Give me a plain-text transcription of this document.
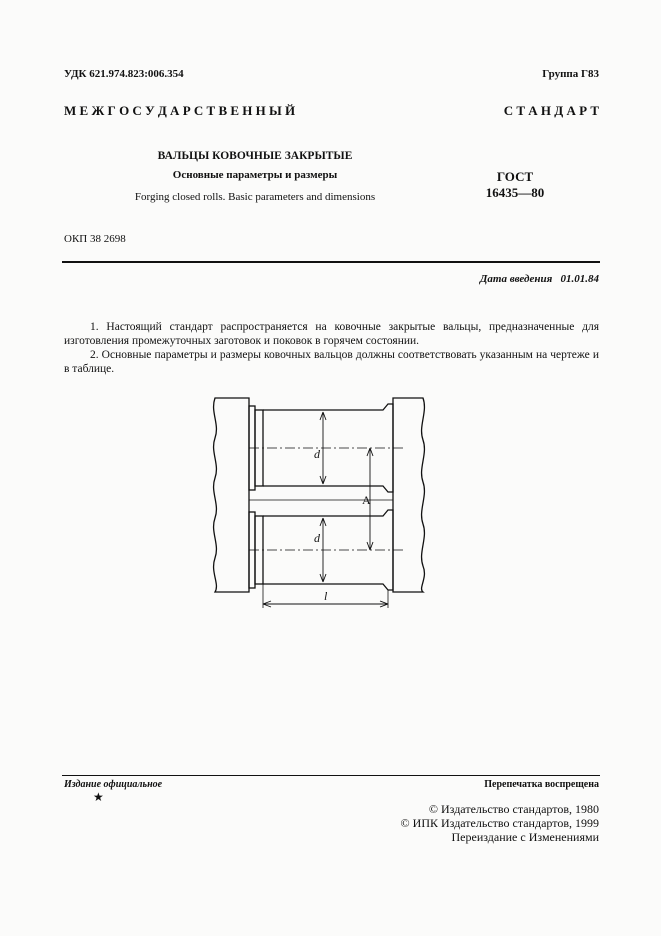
УДК 621.974.823:006.354	Группа Г83
М Е Ж Г О С У Д А Р С Т В Е Н Н Ы Й	С Т А Н Д А Р Т
ВАЛЬЦЫ КОВОЧНЫЕ ЗАКРЫТЫЕ
Основные параметры и размеры
Forging closed rolls. Basic parameters and dimensions
ГОСТ
16435—80
ОКП 38 2698
Дата введения 01.01.84

1. Настоящий стандарт распространяется на ковочные закрытые вальцы, предназначенные для изготовления промежуточных заготовок и поковок в горячем состоянии.

2. Основные параметры и размеры ковочных вальцов должны соответствовать указанным на чертеже и в таблице.

d
d
A
l
Издание официальное
★
Перепечатка воспрещена
© Издательство стандартов, 1980
© ИПК Издательство стандартов, 1999
Переиздание с Изменениями
